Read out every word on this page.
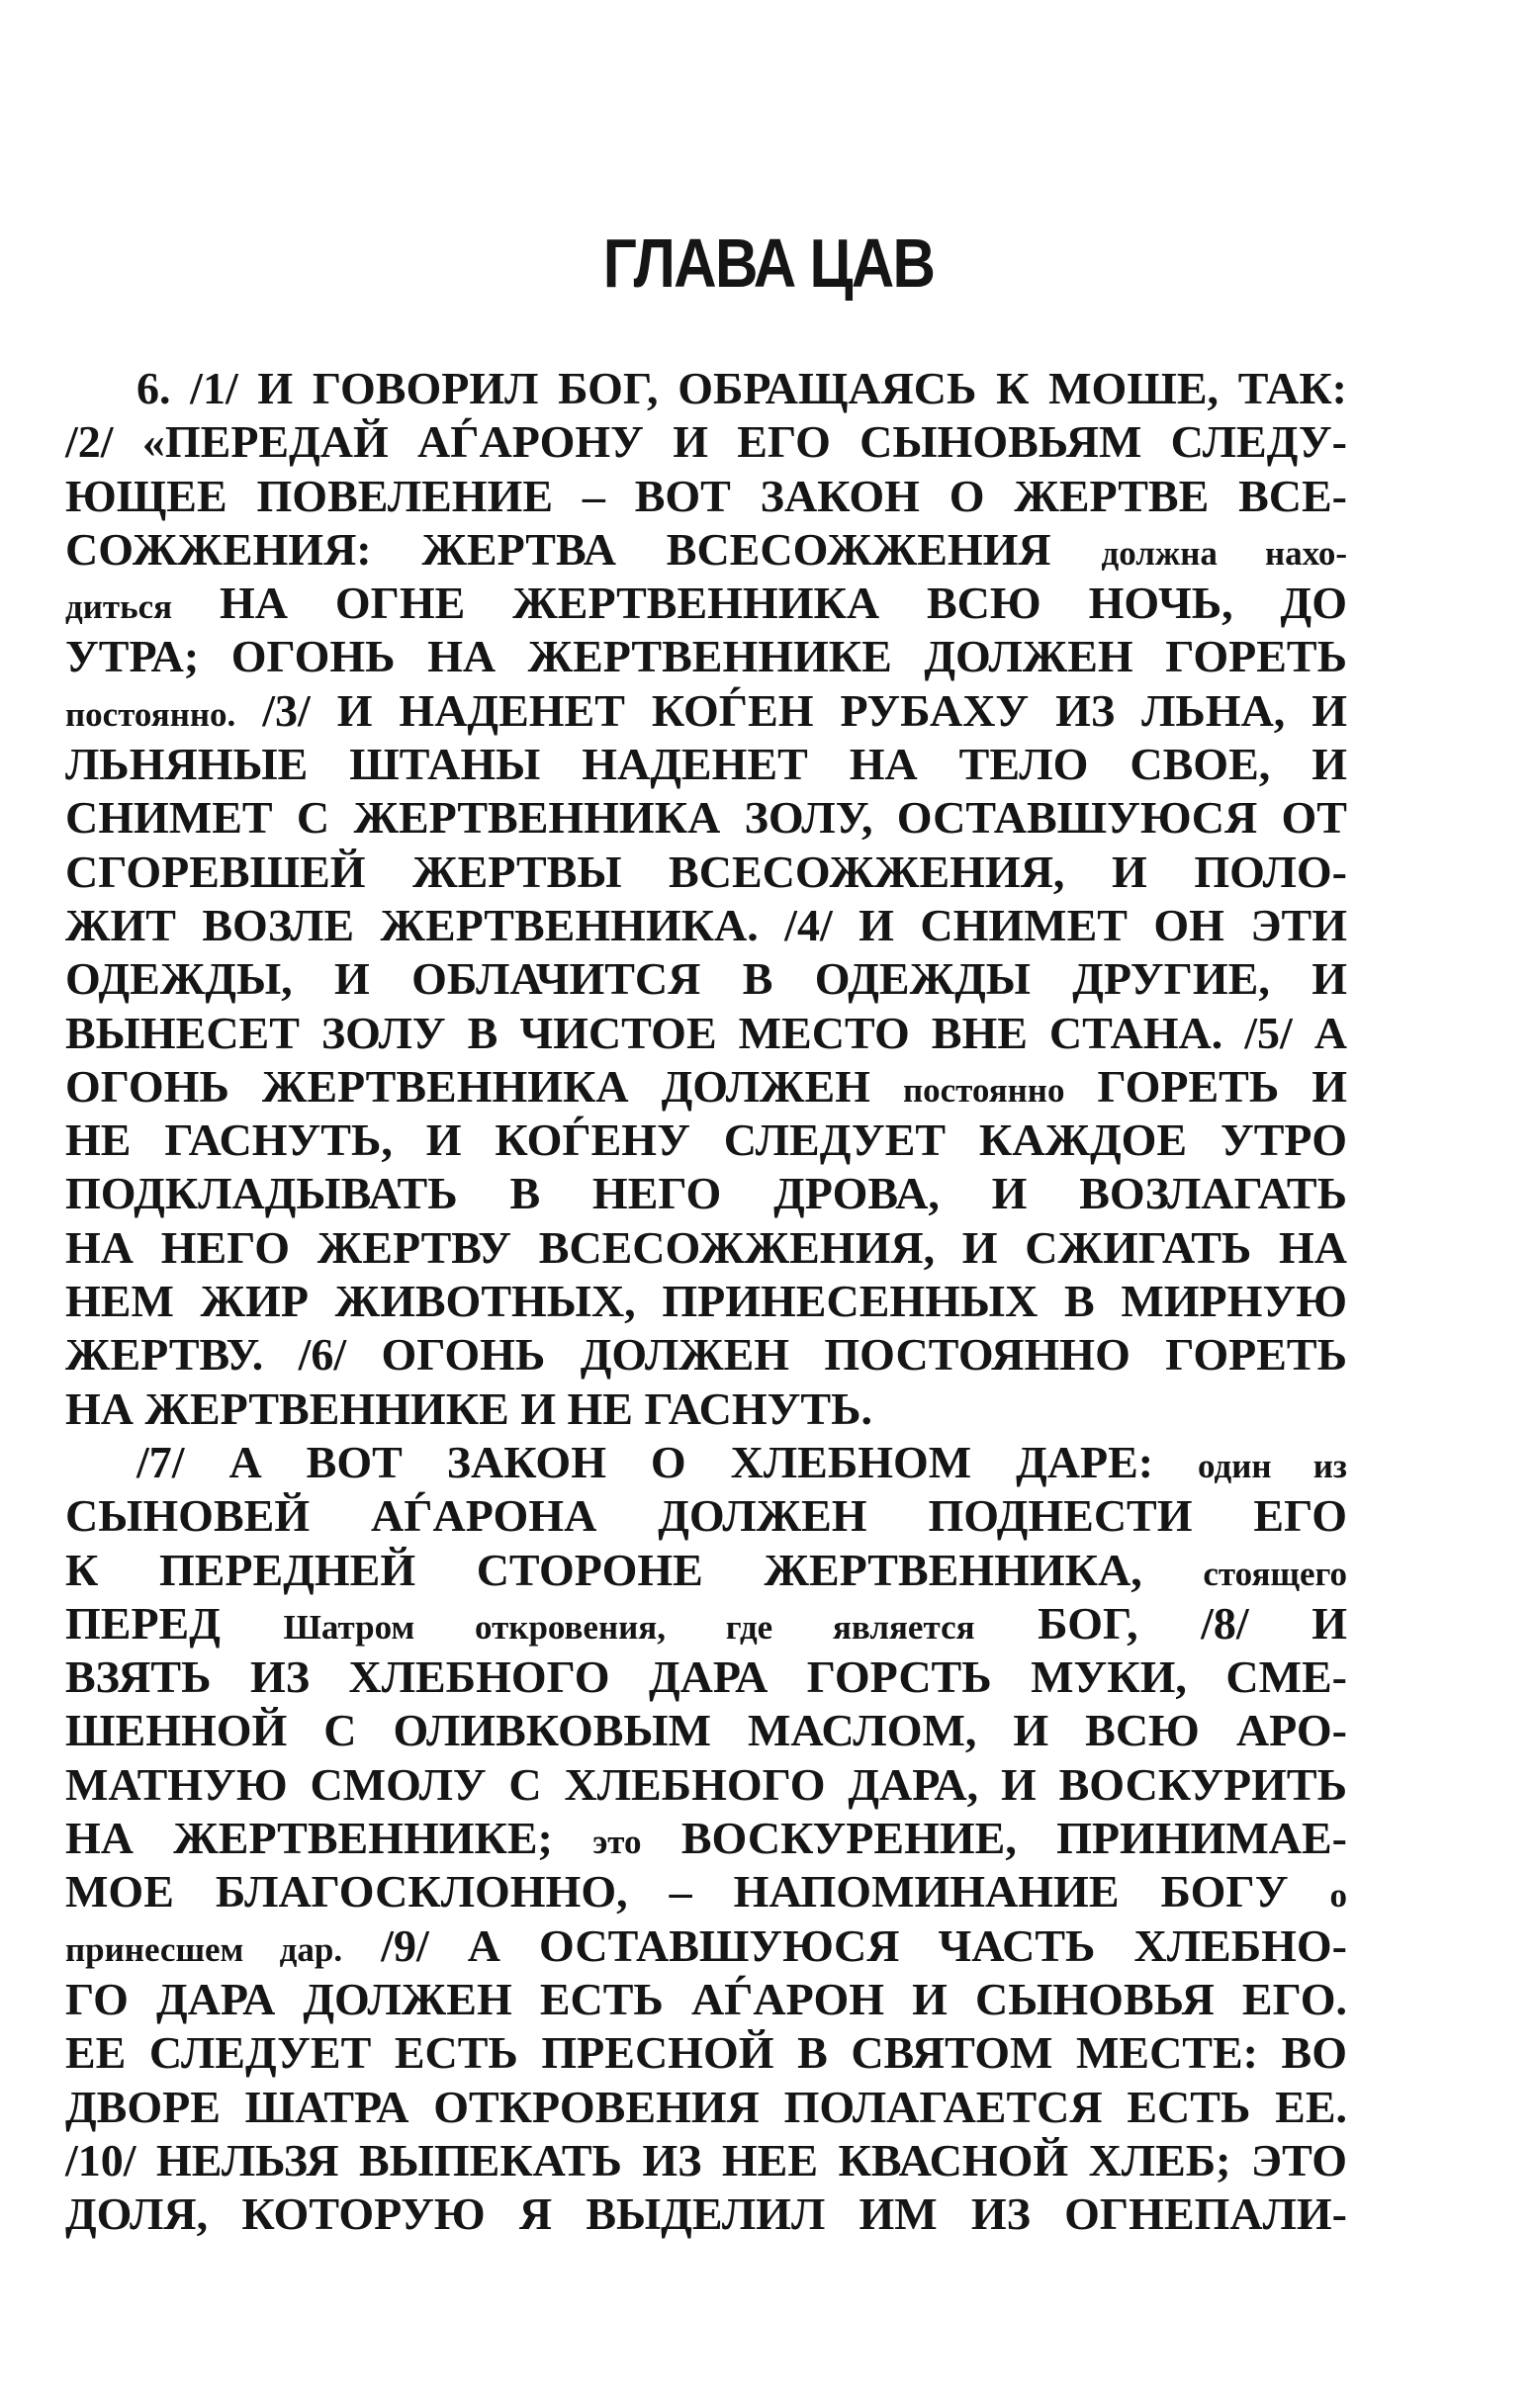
ГЛАВА ЦАВ
6. /1/ И ГОВОРИЛ БОГ, ОБРАЩАЯСЬ К МОШЕ, ТАК:
/2/ «ПЕРЕДАЙ АЃАРОНУ И ЕГО СЫНОВЬЯМ СЛЕДУ-
ЮЩЕЕ ПОВЕЛЕНИЕ – ВОТ ЗАКОН О ЖЕРТВЕ ВСЕ-
СОЖЖЕНИЯ: ЖЕРТВА ВСЕСОЖЖЕНИЯ должна нахо-
диться НА ОГНЕ ЖЕРТВЕННИКА ВСЮ НОЧЬ, ДО
УТРА; ОГОНЬ НА ЖЕРТВЕННИКЕ ДОЛЖЕН ГОРЕТЬ
постоянно. /3/ И НАДЕНЕТ КОЃЕН РУБАХУ ИЗ ЛЬНА, И
ЛЬНЯНЫЕ ШТАНЫ НАДЕНЕТ НА ТЕЛО СВОЕ, И
СНИМЕТ С ЖЕРТВЕННИКА ЗОЛУ, ОСТАВШУЮСЯ ОТ
СГОРЕВШЕЙ ЖЕРТВЫ ВСЕСОЖЖЕНИЯ, И ПОЛО-
ЖИТ ВОЗЛЕ ЖЕРТВЕННИКА. /4/ И СНИМЕТ ОН ЭТИ
ОДЕЖДЫ, И ОБЛАЧИТСЯ В ОДЕЖДЫ ДРУГИЕ, И
ВЫНЕСЕТ ЗОЛУ В ЧИСТОЕ МЕСТО ВНЕ СТАНА. /5/ А
ОГОНЬ ЖЕРТВЕННИКА ДОЛЖЕН постоянно ГОРЕТЬ И
НЕ ГАСНУТЬ, И КОЃЕНУ СЛЕДУЕТ КАЖДОЕ УТРО
ПОДКЛАДЫВАТЬ В НЕГО ДРОВА, И ВОЗЛАГАТЬ
НА НЕГО ЖЕРТВУ ВСЕСОЖЖЕНИЯ, И СЖИГАТЬ НА
НЕМ ЖИР ЖИВОТНЫХ, ПРИНЕСЕННЫХ В МИРНУЮ
ЖЕРТВУ. /6/ ОГОНЬ ДОЛЖЕН ПОСТОЯННО ГОРЕТЬ
НА ЖЕРТВЕННИКЕ И НЕ ГАСНУТЬ.
/7/ А ВОТ ЗАКОН О ХЛЕБНОМ ДАРЕ: один из
СЫНОВЕЙ АЃАРОНА ДОЛЖЕН ПОДНЕСТИ ЕГО
К ПЕРЕДНЕЙ СТОРОНЕ ЖЕРТВЕННИКА, стоящего
ПЕРЕД Шатром откровения, где является БОГ, /8/ И
ВЗЯТЬ ИЗ ХЛЕБНОГО ДАРА ГОРСТЬ МУКИ, СМЕ-
ШЕННОЙ С ОЛИВКОВЫМ МАСЛОМ, И ВСЮ АРО-
МАТНУЮ СМОЛУ С ХЛЕБНОГО ДАРА, И ВОСКУРИТЬ
НА ЖЕРТВЕННИКЕ; это ВОСКУРЕНИЕ, ПРИНИМАЕ-
МОЕ БЛАГОСКЛОННО, – НАПОМИНАНИЕ БОГУ о
принесшем дар. /9/ А ОСТАВШУЮСЯ ЧАСТЬ ХЛЕБНО-
ГО ДАРА ДОЛЖЕН ЕСТЬ АЃАРОН И СЫНОВЬЯ ЕГО.
ЕЕ СЛЕДУЕТ ЕСТЬ ПРЕСНОЙ В СВЯТОМ МЕСТЕ: ВО
ДВОРЕ ШАТРА ОТКРОВЕНИЯ ПОЛАГАЕТСЯ ЕСТЬ ЕЕ.
/10/ НЕЛЬЗЯ ВЫПЕКАТЬ ИЗ НЕЕ КВАСНОЙ ХЛЕБ; ЭТО
ДОЛЯ, КОТОРУЮ Я ВЫДЕЛИЛ ИМ ИЗ ОГНЕПАЛИ-
